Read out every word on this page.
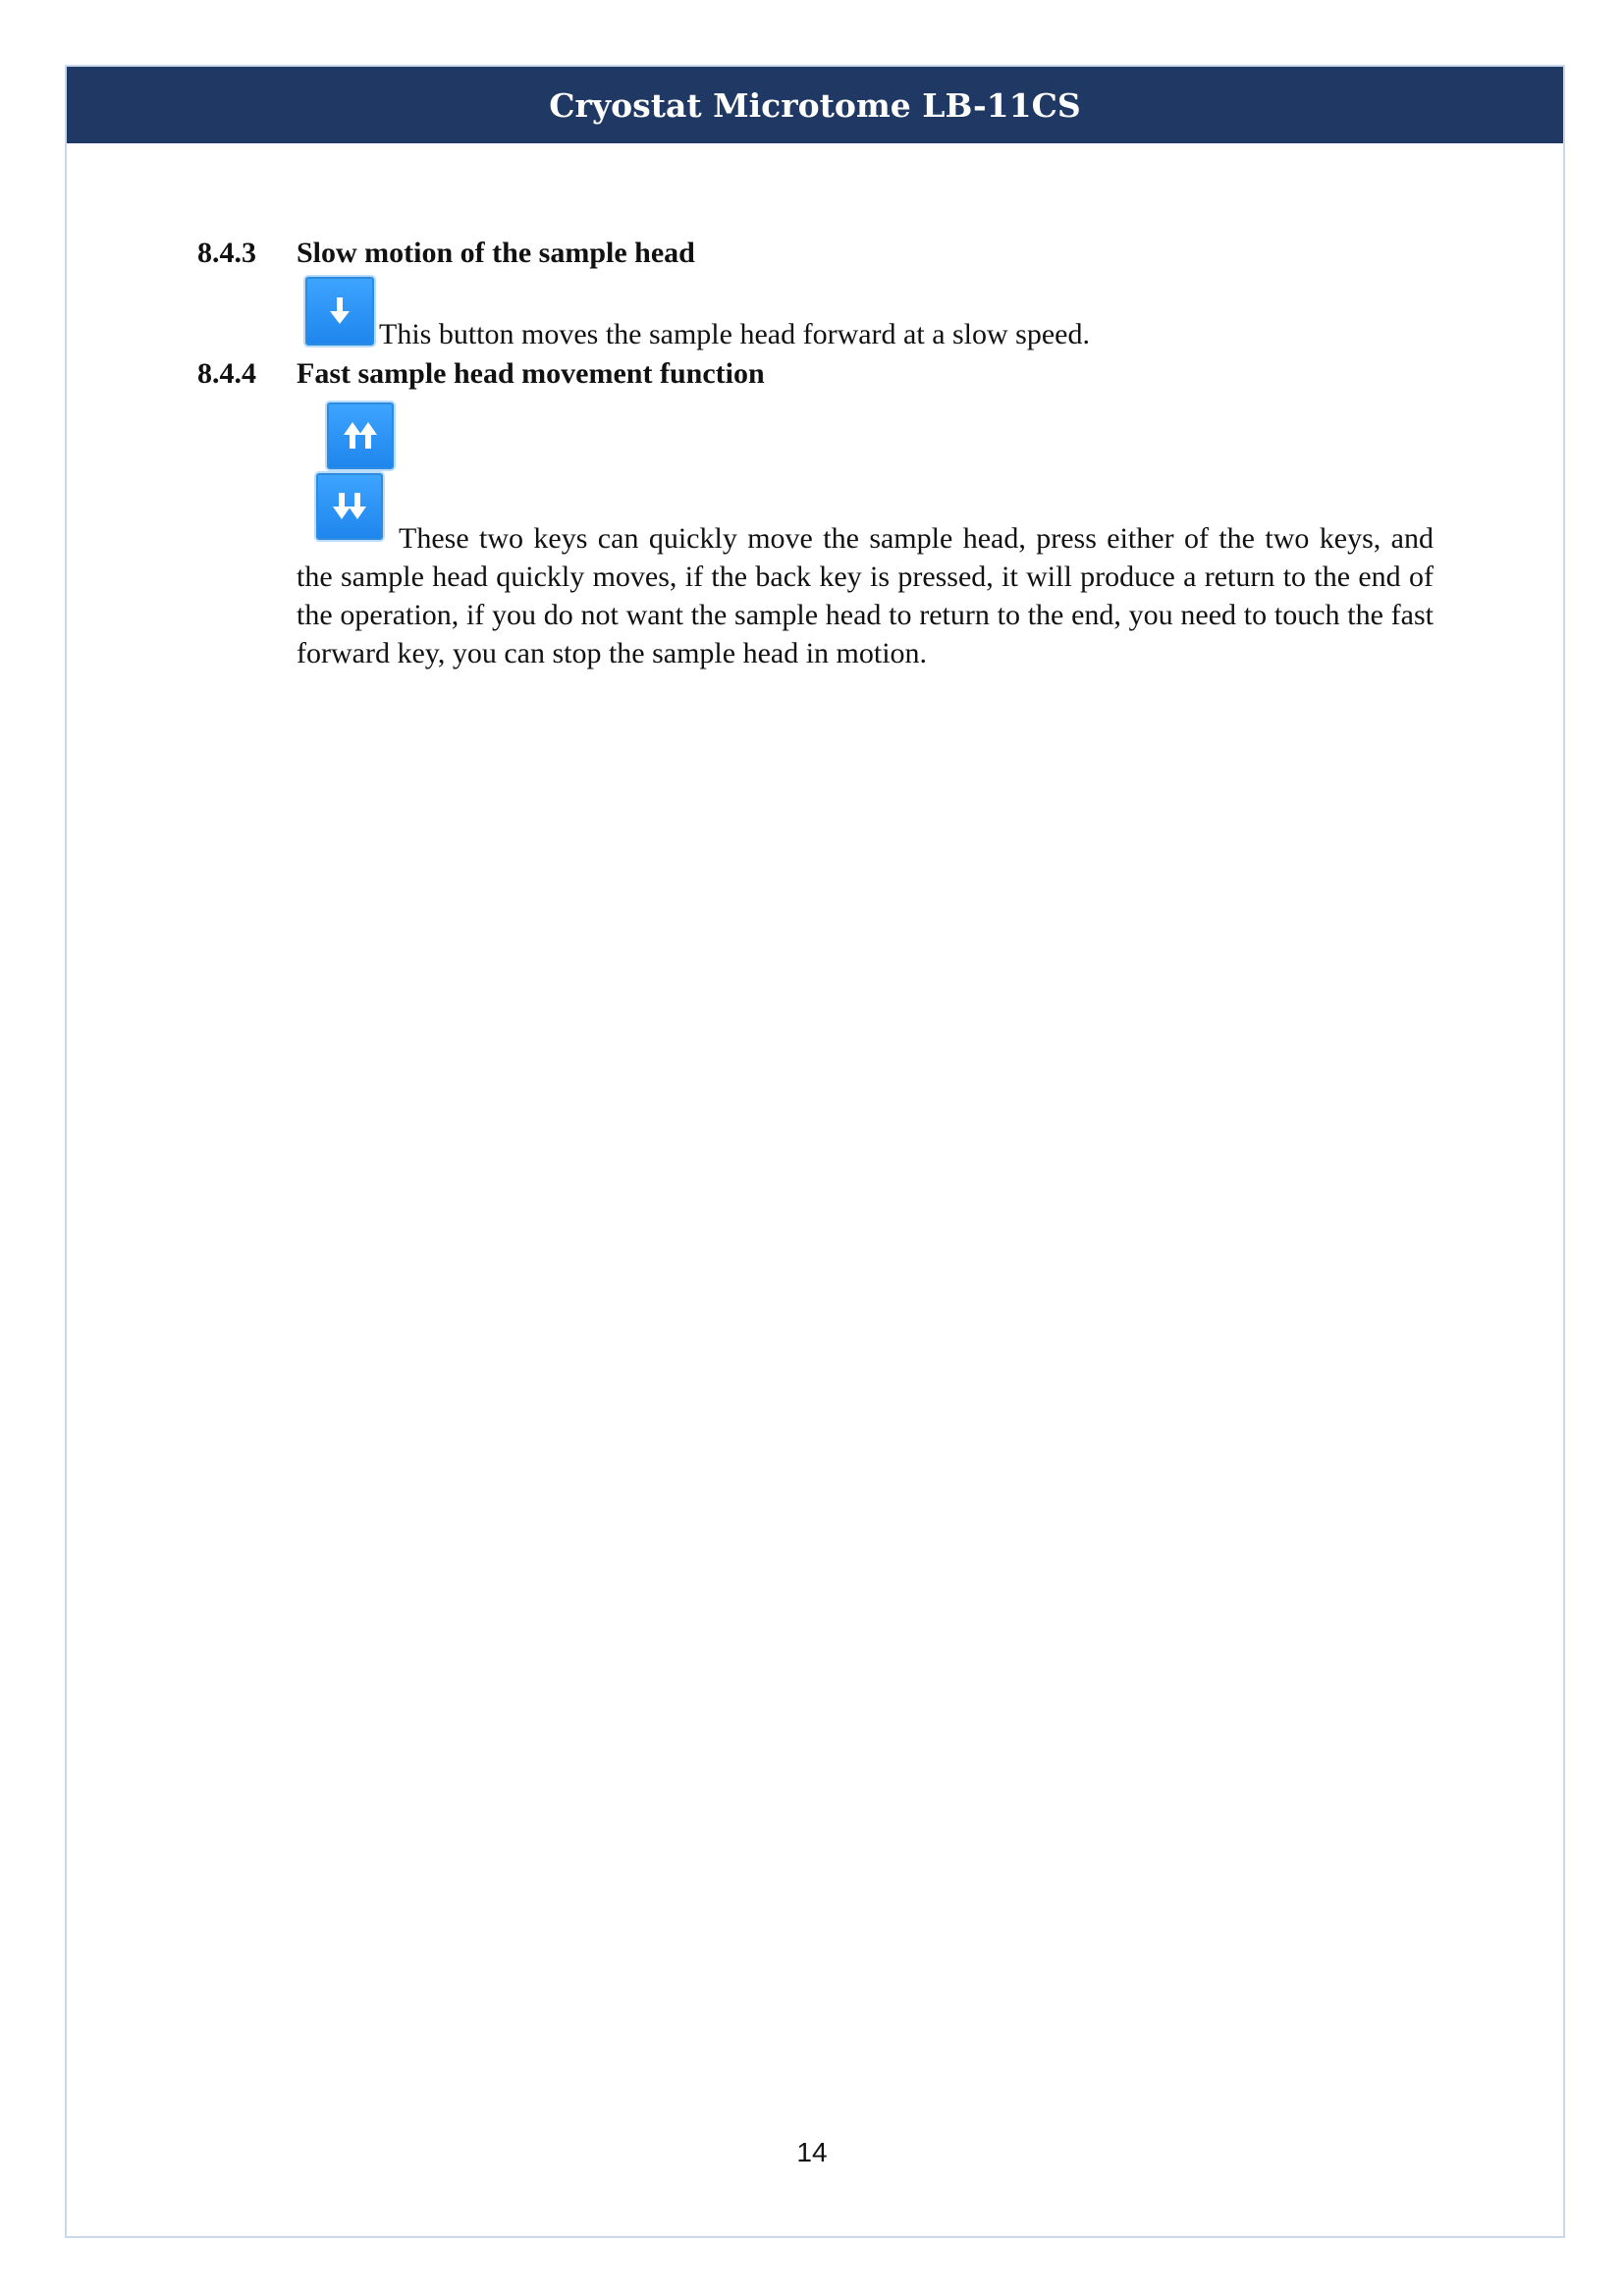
Cryostat Microtome LB-11CS
8.4.3 Slow motion of the sample head
This button moves the sample head forward at a slow speed.
8.4.4 Fast sample head movement function

These two keys can quickly move the sample head, press either of the two keys, and the sample head quickly moves, if the back key is pressed, it will produce a return to the end of the operation, if you do not want the sample head to return to the end, you need to touch the fast forward key, you can stop the sample head in motion.

14
